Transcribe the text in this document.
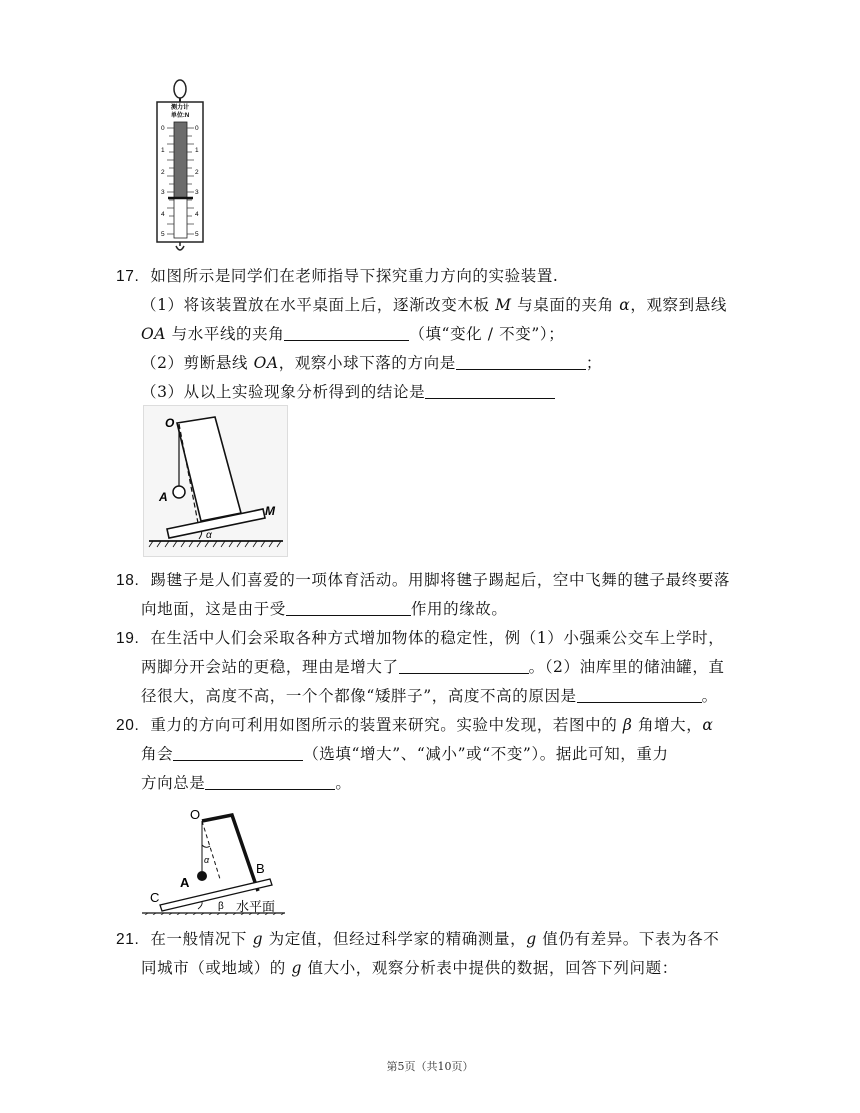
测力计
单位:N
0	0
1	1
2	2
3	3
4	4
5	5
17. 如图所示是同学们在老师指导下探究重力方向的实验装置.
（1）将该装置放在水平桌面上后，逐渐改变木板 M 与桌面的夹角 α，观察到悬线
OA 与水平线的夹角	（填“变化 / 不变”）；
（2）剪断悬线 OA，观察小球下落的方向是	；
（3）从以上实验现象分析得到的结论是
O
A
M
α
18. 踢毽子是人们喜爱的一项体育活动。用脚将毽子踢起后，空中飞舞的毽子最终要落
向地面，这是由于受	作用的缘故。
19. 在生活中人们会采取各种方式增加物体的稳定性，例（1）小强乘公交车上学时，
两脚分开会站的更稳，理由是增大了	。（2）油库里的储油罐，直
径很大，高度不高，一个个都像“矮胖子”，高度不高的原因是	。
20. 重力的方向可利用如图所示的装置来研究。实验中发现，若图中的 β 角增大，α
角会	（选填“增大”、“减小”或“不变”）。据此可知，重力
方向总是	。
O
A
B
C
α
β 水平面
21. 在一般情况下 g 为定值，但经过科学家的精确测量，g 值仍有差异。下表为各不
同城市（或地域）的 g 值大小，观察分析表中提供的数据，回答下列问题：
第5页（共10页）
